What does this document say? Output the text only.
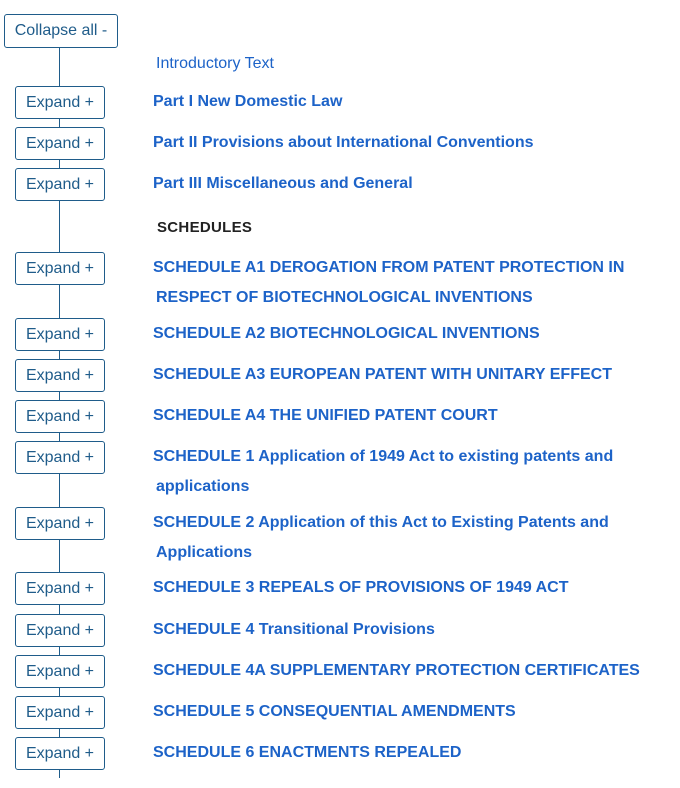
Collapse all -
Introductory Text
Expand +	Part I New Domestic Law
Expand +	Part II Provisions about International Conventions
Expand +	Part III Miscellaneous and General
SCHEDULES
Expand +	SCHEDULE A1 DEROGATION FROM PATENT PROTECTION IN
RESPECT OF BIOTECHNOLOGICAL INVENTIONS
Expand +	SCHEDULE A2 BIOTECHNOLOGICAL INVENTIONS
Expand +	SCHEDULE A3 EUROPEAN PATENT WITH UNITARY EFFECT
Expand +	SCHEDULE A4 THE UNIFIED PATENT COURT
Expand +	SCHEDULE 1 Application of 1949 Act to existing patents and
applications
Expand +	SCHEDULE 2 Application of this Act to Existing Patents and
Applications
Expand +	SCHEDULE 3 REPEALS OF PROVISIONS OF 1949 ACT
Expand +	SCHEDULE 4 Transitional Provisions
Expand +	SCHEDULE 4A SUPPLEMENTARY PROTECTION CERTIFICATES
Expand +	SCHEDULE 5 CONSEQUENTIAL AMENDMENTS
Expand +	SCHEDULE 6 ENACTMENTS REPEALED
